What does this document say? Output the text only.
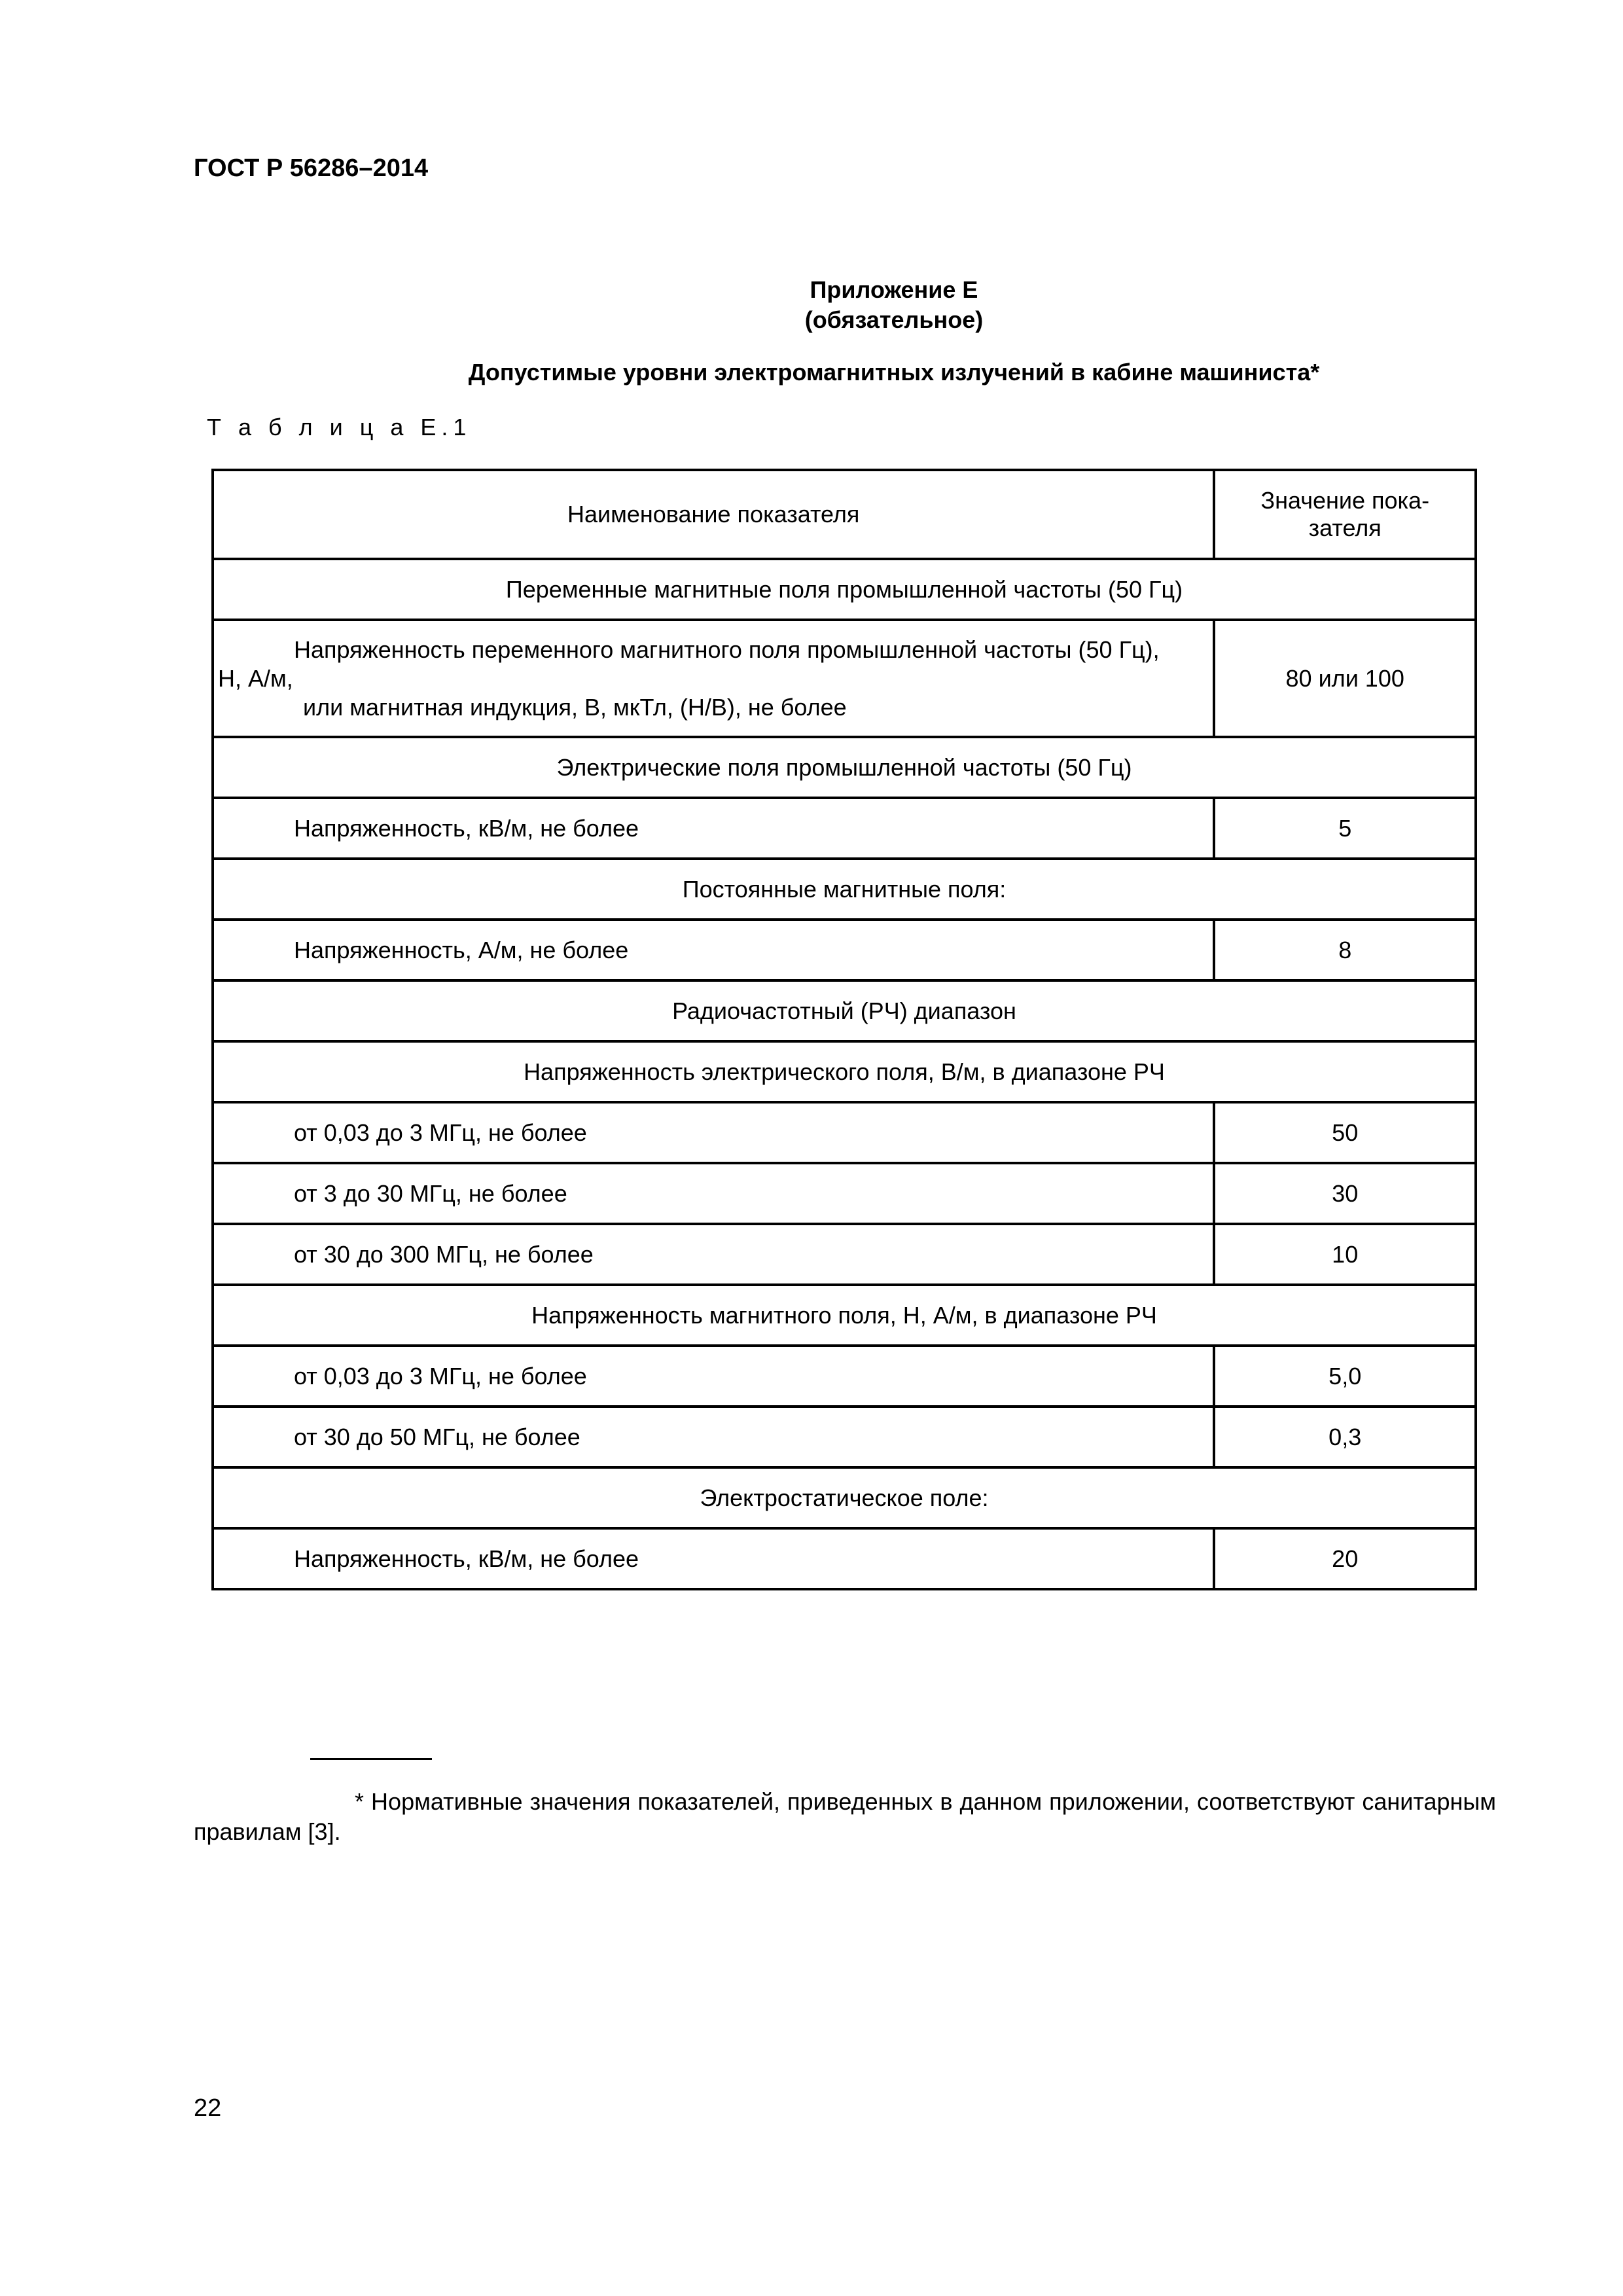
ГОСТ Р 56286–2014
Приложение Е
(обязательное)
Допустимые уровни электромагнитных излучений в кабине машиниста*
Т а б л и ц а Е.1
Наименование показателя	Значение пока-
зателя

Переменные магнитные поля промышленной частоты (50 Гц)	

Напряженность переменного магнитного поля промышленной частоты (50 Гц),
Н, А/м,
или магнитная индукция, В, мкТл, (Н/В), не более	80 или 100
Электрические поля промышленной частоты (50 Гц)	
Напряженность, кВ/м, не более	5
Постоянные магнитные поля:	
Напряженность, А/м, не более	8
Радиочастотный (РЧ) диапазон	
Напряженность электрического поля, В/м, в диапазоне РЧ	
от 0,03 до 3 МГц, не более	50
от 3 до 30 МГц, не более	30
от 30 до 300 МГц, не более	10
Напряженность магнитного поля, Н, А/м, в диапазоне РЧ	
от 0,03 до 3 МГц, не более	5,0
от 30 до 50 МГц, не более	0,3
Электростатическое поле:	
Напряженность, кВ/м, не более	20
* Нормативные значения показателей, приведенных в данном приложении, соответствуют санитарным правилам [3].
22
